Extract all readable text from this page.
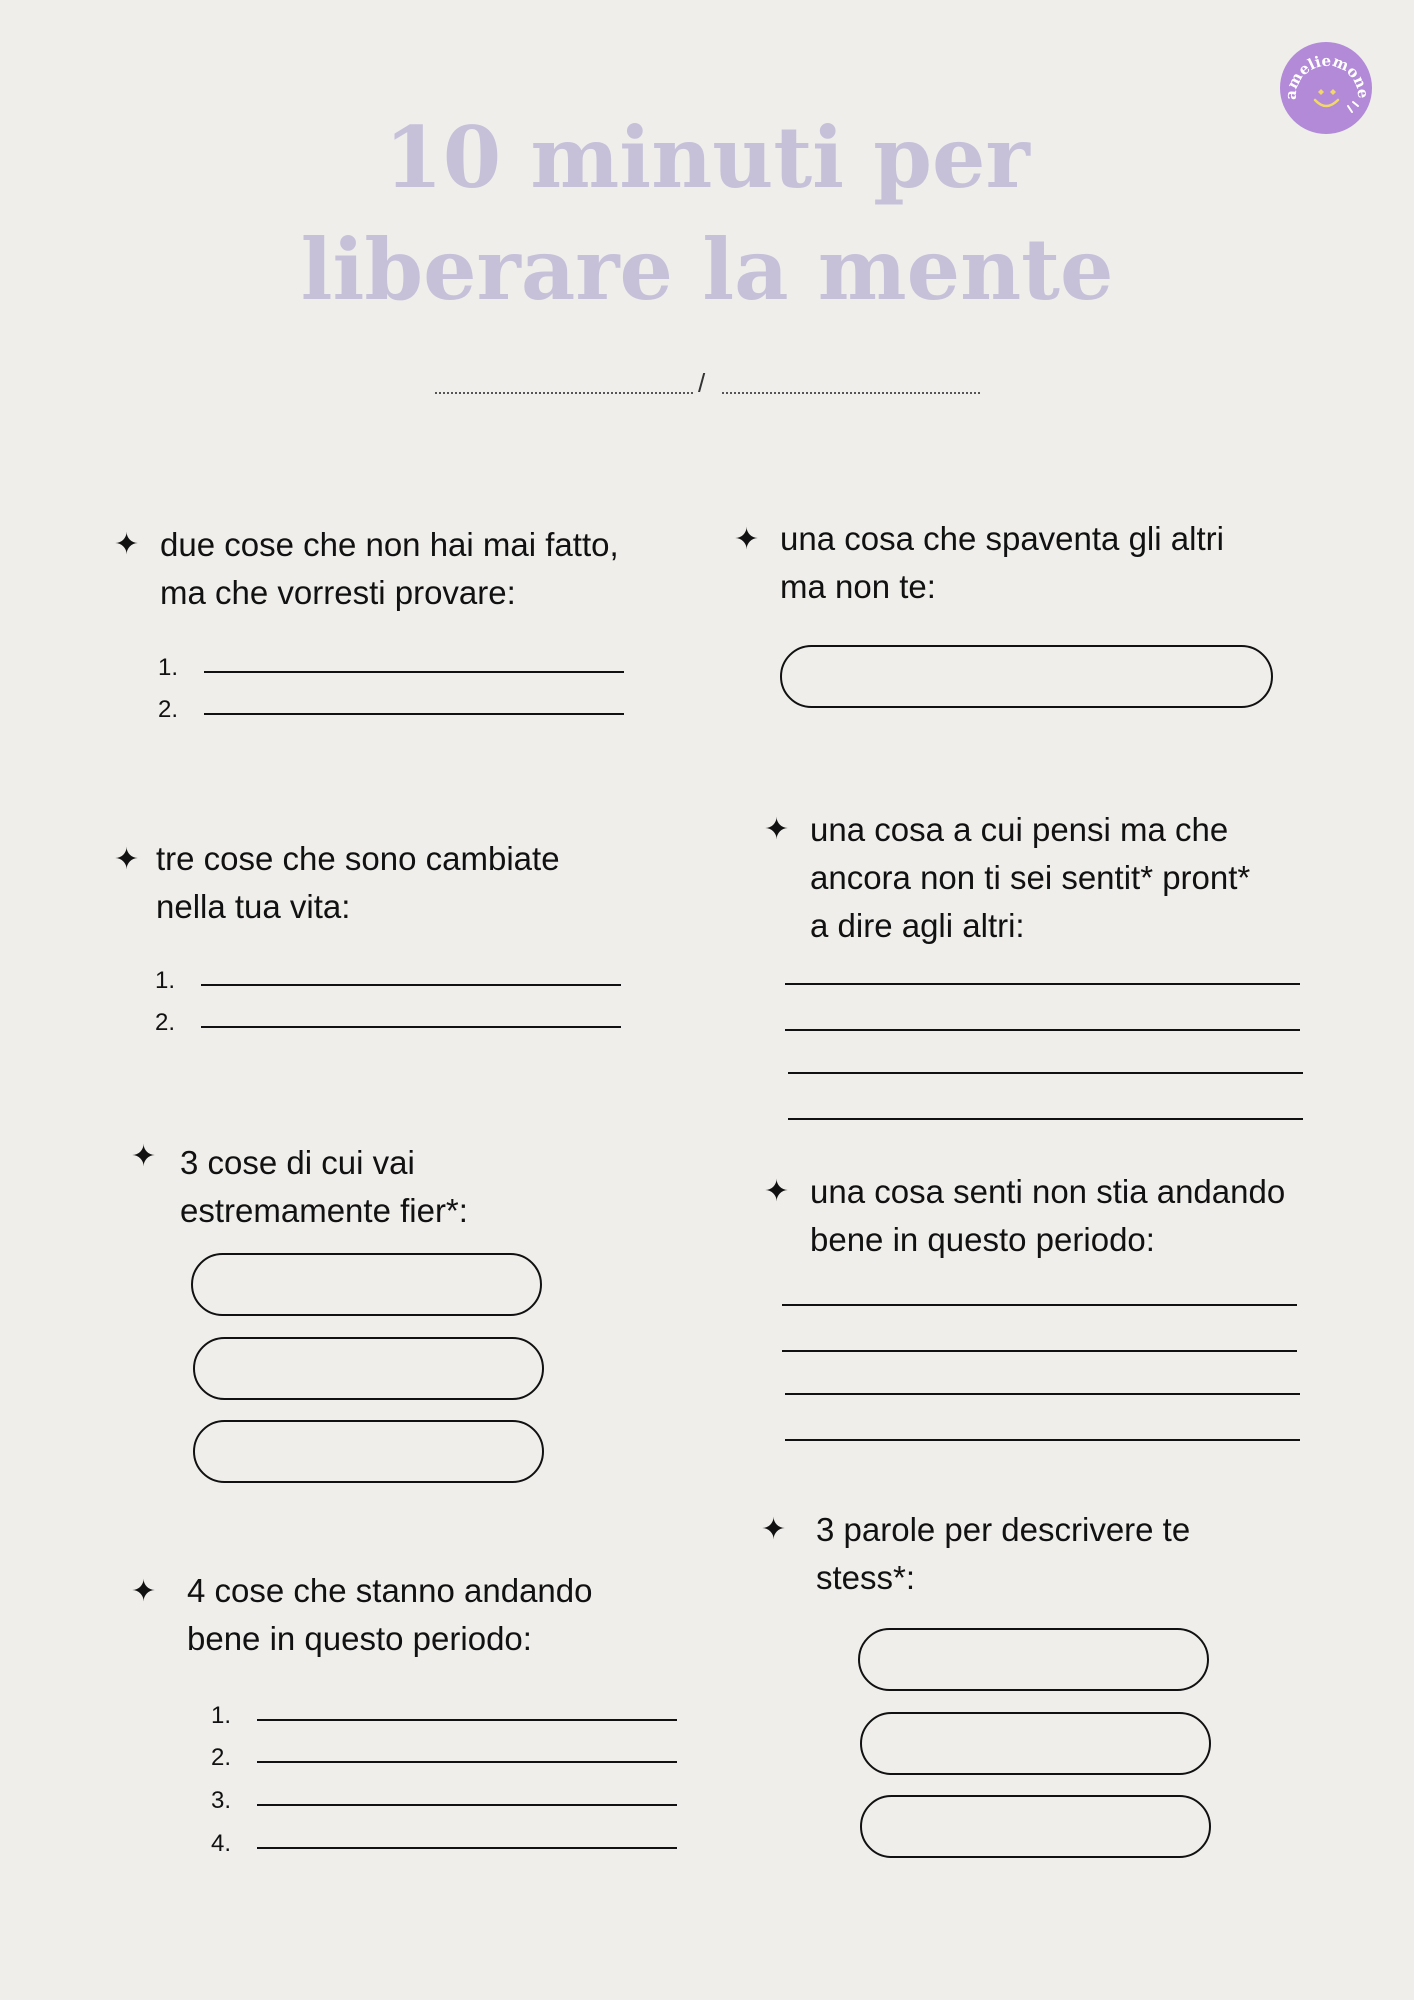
ameliemone
10 minuti per
liberare la mente
/
✦ due cose che non hai mai fatto,
ma che vorresti provare:
1.
2.
✦ tre cose che sono cambiate
nella tua vita:
1.
2.
✦ 3 cose di cui vai
estremamente fier*:
✦ 4 cose che stanno andando
bene in questo periodo:
1.
2.
3.
4.
✦ una cosa che spaventa gli altri
ma non te:
✦ una cosa a cui pensi ma che
ancora non ti sei sentit* pront*
a dire agli altri:
✦ una cosa senti non stia andando
bene in questo periodo:
✦ 3 parole per descrivere te
stess*:
